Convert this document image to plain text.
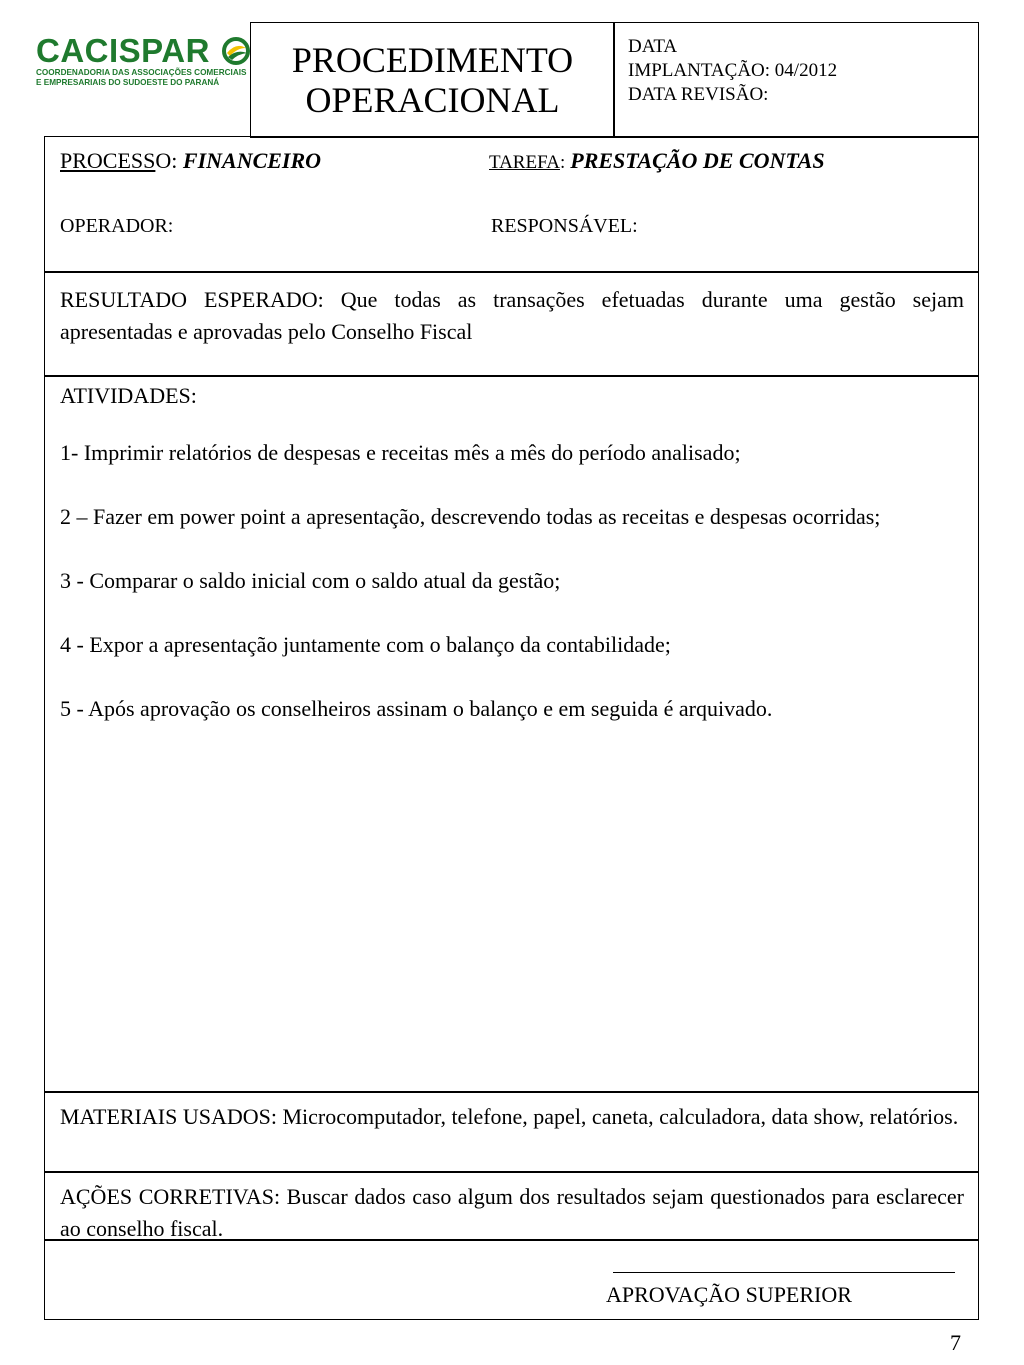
CACISPAR
COORDENADORIA DAS ASSOCIAÇÕES COMERCIAIS
E EMPRESARIAIS DO SUDOESTE DO PARANÁ
PROCEDIMENTO
OPERACIONAL
DATA
IMPLANTAÇÃO: 04/2012
DATA REVISÃO:
PROCESSO: FINANCEIRO	TAREFA: PRESTAÇÃO DE CONTAS
OPERADOR:	RESPONSÁVEL:
RESULTADO ESPERADO: Que todas as transações efetuadas durante uma gestão sejam apresentadas e aprovadas pelo Conselho Fiscal

ATIVIDADES:

1- Imprimir relatórios de despesas e receitas mês a mês do período analisado;

2 – Fazer em power point a apresentação, descrevendo todas as receitas e despesas ocorridas;

3 - Comparar o saldo inicial com o saldo atual da gestão;

4 - Expor a apresentação juntamente com o balanço da contabilidade;

5 - Após aprovação os conselheiros assinam o balanço e em seguida é arquivado.

MATERIAIS USADOS: Microcomputador, telefone, papel, caneta, calculadora, data show, relatórios.
AÇÕES CORRETIVAS: Buscar dados caso algum dos resultados sejam questionados para esclarecer ao conselho fiscal.
APROVAÇÃO SUPERIOR
7
